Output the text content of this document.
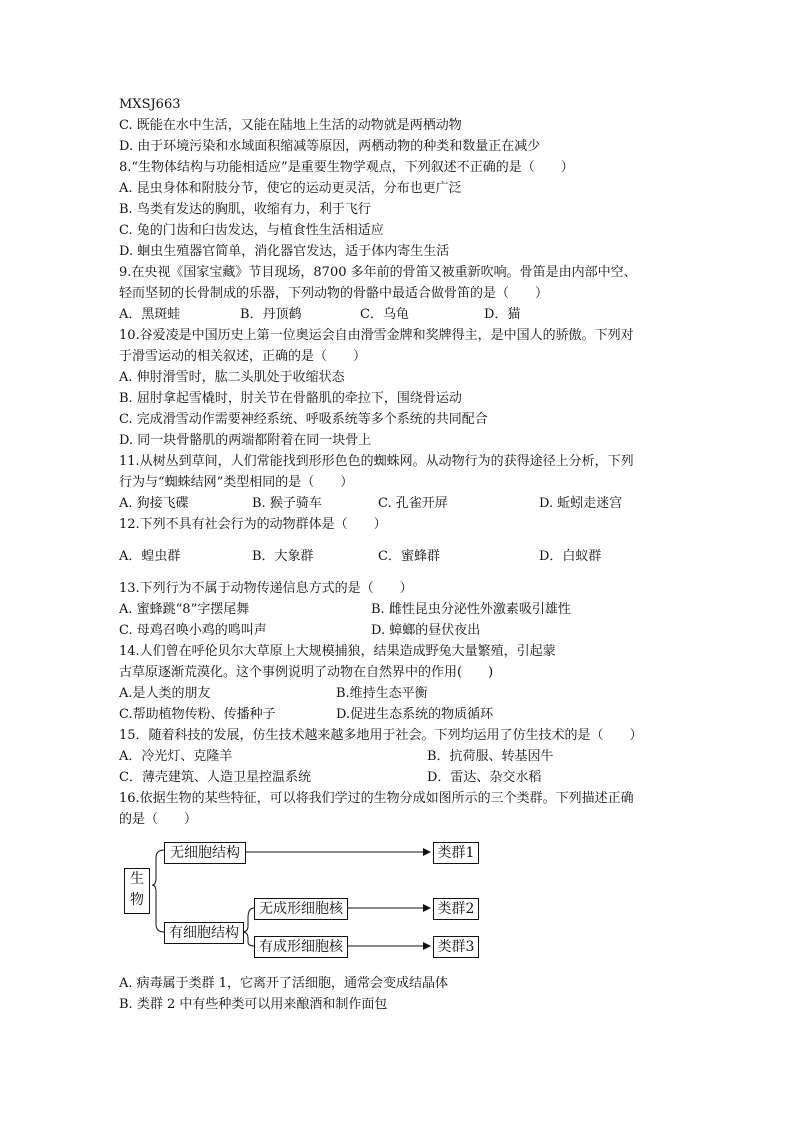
MXSJ663
C. 既能在水中生活，又能在陆地上生活的动物就是两栖动物
D. 由于环境污染和水域面积缩减等原因，两栖动物的种类和数量正在减少
8.“生物体结构与功能相适应”是重要生物学观点，下列叙述不正确的是（　　）
A. 昆虫身体和附肢分节，使它的运动更灵活，分布也更广泛
B. 鸟类有发达的胸肌，收缩有力，利于飞行
C. 兔的门齿和臼齿发达，与植食性生活相适应
D. 蛔虫生殖器官简单，消化器官发达，适于体内寄生生活
9.在央视《国家宝藏》节目现场，8700 多年前的骨笛又被重新吹响。骨笛是由内部中空、
轻而坚韧的长骨制成的乐器，下列动物的骨骼中最适合做骨笛的是（　　）
A．黑斑蛙	B．丹顶鹤	C．乌龟	D．猫
10.谷爱凌是中国历史上第一位奥运会自由滑雪金牌和奖牌得主，是中国人的骄傲。下列对
于滑雪运动的相关叙述，正确的是（　　）
A. 伸肘滑雪时，肱二头肌处于收缩状态
B. 屈肘拿起雪橇时，肘关节在骨骼肌的牵拉下，围绕骨运动
C. 完成滑雪动作需要神经系统、呼吸系统等多个系统的共同配合
D. 同一块骨骼肌的两端都附着在同一块骨上
11.从树丛到草间，人们常能找到形形色色的蜘蛛网。从动物行为的获得途径上分析，下列
行为与“蜘蛛结网”类型相同的是（　　）
A. 狗接飞碟	B. 猴子骑车	C. 孔雀开屏	D. 蚯蚓走迷宫
12.下列不具有社会行为的动物群体是（　　）
A．蝗虫群	B．大象群	C．蜜蜂群	D．白蚁群
13.下列行为不属于动物传递信息方式的是（　　）
A. 蜜蜂跳“8”字摆尾舞	B. 雌性昆虫分泌性外激素吸引雄性
C. 母鸡召唤小鸡的鸣叫声	D. 蟑螂的昼伏夜出
14.人们曾在呼伦贝尔大草原上大规模捕狼，结果造成野兔大量繁殖，引起蒙
古草原逐渐荒漠化。这个事例说明了动物在自然界中的作用(　　)
A.是人类的朋友	B.维持生态平衡
C.帮助植物传粉、传播种子	D.促进生态系统的物质循环
15．随着科技的发展，仿生技术越来越多地用于社会。下列均运用了仿生技术的是（　　）
A．冷光灯、克隆羊	B．抗荷服、转基因牛
C．薄壳建筑、人造卫星控温系统	D．雷达、杂交水稻
16.依据生物的某些特征，可以将我们学过的生物分成如图所示的三个类群。下列描述正确
的是（　　）
生物
无细胞结构
有细胞结构
无成形细胞核
有成形细胞核
类群1
类群2
类群3
A. 病毒属于类群 1，它离开了活细胞，通常会变成结晶体
B. 类群 2 中有些种类可以用来酿酒和制作面包
